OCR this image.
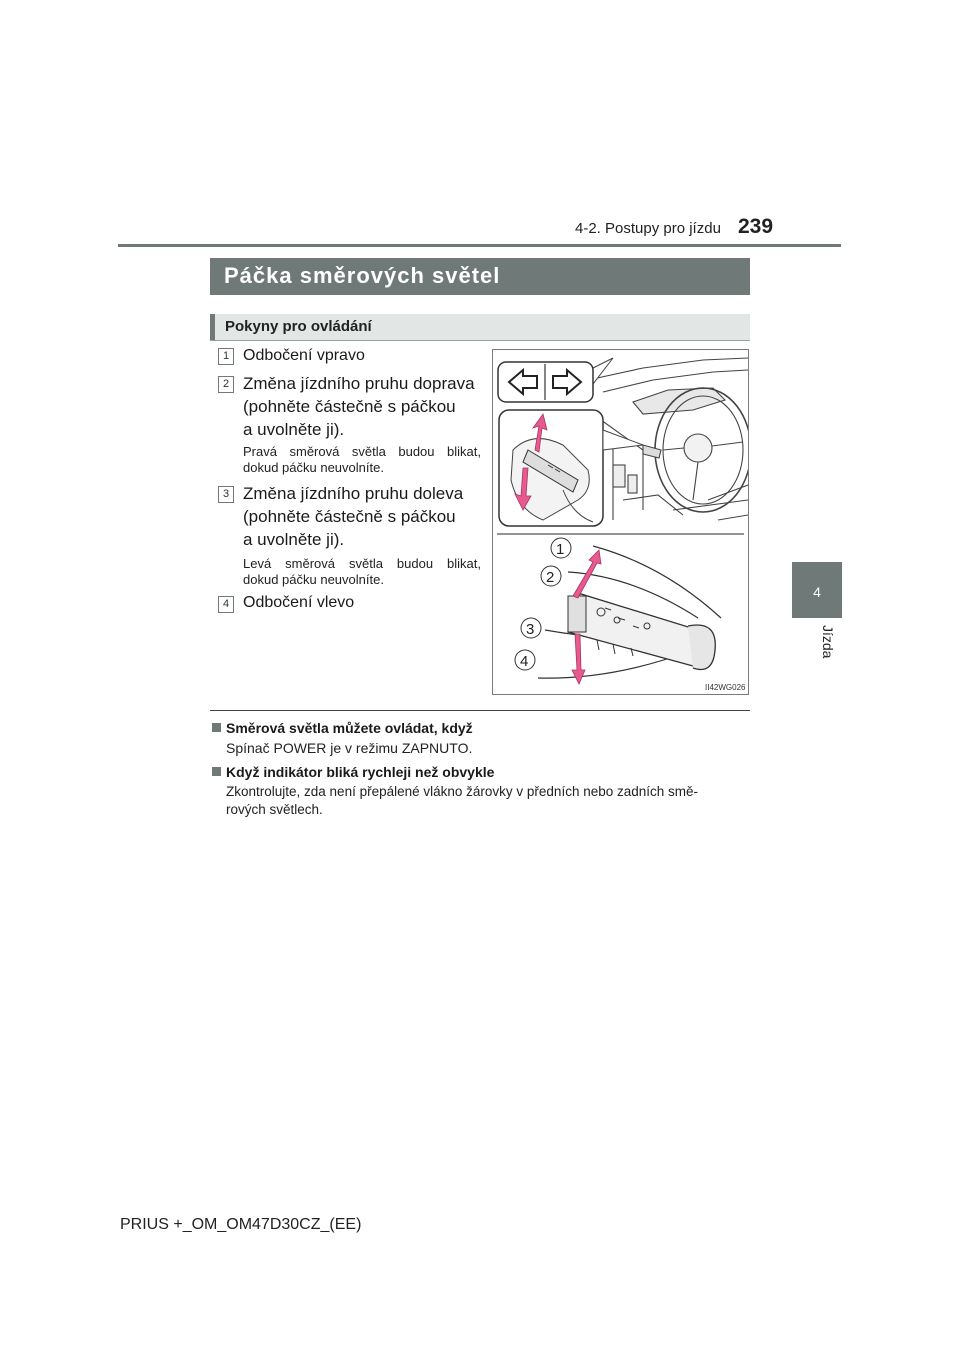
4-2. Postupy pro jízdu 239
4
Jízda
Páčka směrových světel
Pokyny pro ovládání
1 Odbočení vpravo
2 Změna jízdního pruhu doprava
(pohněte částečně s páčkou
a uvolněte ji).
Pravá směrová světla budou blikat,
dokud páčku neuvolníte.
3 Změna jízdního pruhu doleva
(pohněte částečně s páčkou
a uvolněte ji).
Levá směrová světla budou blikat,
dokud páčku neuvolníte.
4 Odbočení vlevo
1
2
3
4
II42WG026
Směrová světla můžete ovládat, když
Spínač POWER je v režimu ZAPNUTO.
Když indikátor bliká rychleji než obvykle
Zkontrolujte, zda není přepálené vlákno žárovky v předních nebo zadních smě-
rových světlech.
PRIUS +_OM_OM47D30CZ_(EE)
